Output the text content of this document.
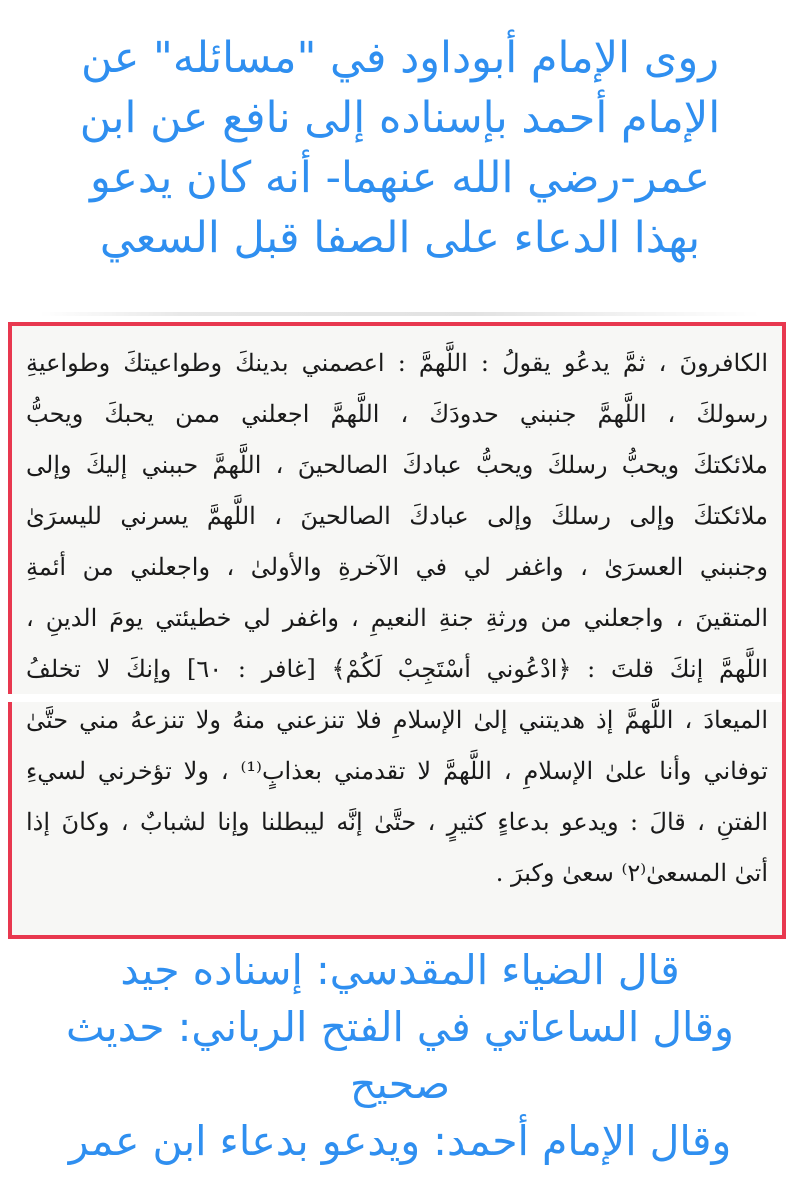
روى الإمام أبوداود في "مسائله" عن
الإمام أحمد بإسناده إلى نافع عن ابن
عمر-رضي الله عنهما- أنه كان يدعو
بهذا الدعاء على الصفا قبل السعي
الكافرونَ ، ثمَّ يدعُو يقولُ : اللَّهمَّ : اعصمني بدينكَ وطواعيتكَ وطواعيةِ
رسولكَ ، اللَّهمَّ جنبني حدودَكَ ، اللَّهمَّ اجعلني ممن يحبكَ ويحبُّ
ملائكتكَ ويحبُّ رسلكَ ويحبُّ عبادكَ الصالحينَ ، اللَّهمَّ حببني إليكَ وإلى
ملائكتكَ وإلى رسلكَ وإلى عبادكَ الصالحينَ ، اللَّهمَّ يسرني لليسرَىٰ
وجنبني العسرَىٰ ، واغفر لي في الآخرةِ والأولىٰ ، واجعلني من أئمةِ
المتقينَ ، واجعلني من ورثةِ جنةِ النعيمِ ، واغفر لي خطيئتي يومَ الدينِ ،
اللَّهمَّ إنكَ قلتَ : ﴿ادْعُوني أسْتَجِبْ لَكُمْ﴾ [غافر : ٦٠] وإنكَ لا تخلفُ
الميعادَ ، اللَّهمَّ إذ هديتني إلىٰ الإسلامِ فلا تنزعني منهُ ولا تنزعهُ مني حتَّىٰ
توفاني وأنا علىٰ الإسلامِ ، اللَّهمَّ لا تقدمني بعذابٍ⁽¹⁾ ، ولا تؤخرني لسيءِ
الفتنِ ، قالَ : ويدعو بدعاءٍ كثيرٍ ، حتَّىٰ إنَّه ليبطلنا وإنا لشبابٌ ، وكانَ إذا
أتىٰ المسعىٰ⁽٢⁾ سعىٰ وكبرَ .
قال الضياء المقدسي: إسناده جيد
وقال الساعاتي في الفتح الرباني: حديث
صحيح
وقال الإمام أحمد: ويدعو بدعاء ابن عمر
